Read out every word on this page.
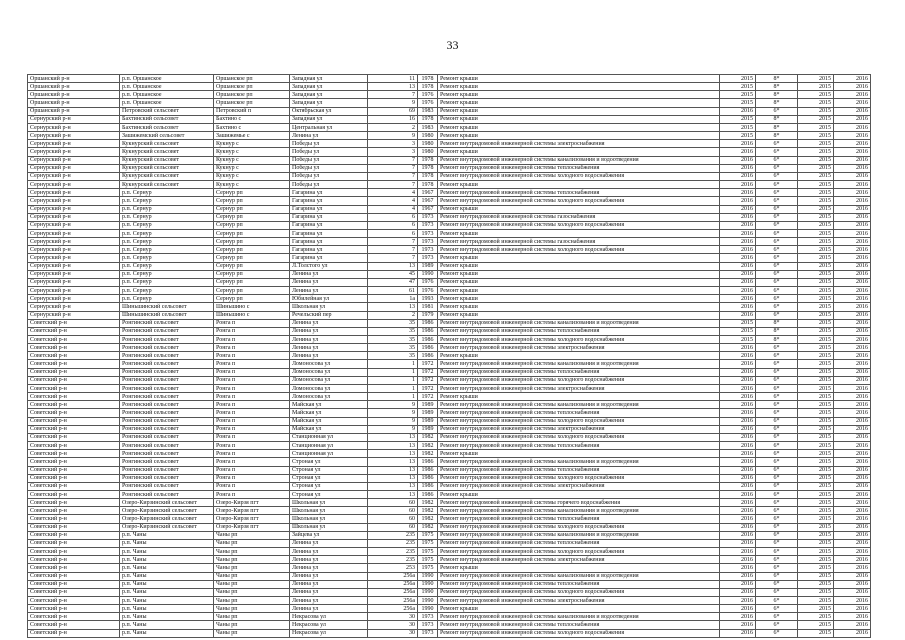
33
Оршанский р-н	р.п. Оршанское	Оршанское рп	Западная ул	11	1978	Ремонт крыши	2015	8*	2015	2016
Оршанский р-н	р.п. Оршанское	Оршанское рп	Западная ул	13	1978	Ремонт крыши	2015	8*	2015	2016
Оршанский р-н	р.п. Оршанское	Оршанское рп	Западная ул	7	1976	Ремонт крыши	2015	8*	2015	2016
Оршанский р-н	р.п. Оршанское	Оршанское рп	Западная ул	9	1976	Ремонт крыши	2015	8*	2015	2016
Оршанский р-н	Петровский сельсовет	Петровский п	Октябрьская ул	69	1983	Ремонт крыши	2016	6*	2015	2016
Сернурский р-н	Бахтинский сельсовет	Бахтино с	Западная ул	16	1978	Ремонт крыши	2015	8*	2015	2016
Сернурский р-н	Бахтинский сельсовет	Бахтино с	Центральная ул	2	1983	Ремонт крыши	2015	8*	2015	2016
Сернурский р-н	Зашижемский сельсовет	Зашижемье с	Ленина ул	9	1980	Ремонт крыши	2015	8*	2015	2016
Сернурский р-н	Кукнурский сельсовет	Кукнур с	Победы ул	3	1980	Ремонт внутридомовой инженерной системы электроснабжения	2016	6*	2015	2016
Сернурский р-н	Кукнурский сельсовет	Кукнур с	Победы ул	3	1980	Ремонт крыши	2016	6*	2015	2016
Сернурский р-н	Кукнурский сельсовет	Кукнур с	Победы ул	7	1978	Ремонт внутридомовой инженерной системы канализования и водоотведения	2016	6*	2015	2016
Сернурский р-н	Кукнурский сельсовет	Кукнур с	Победы ул	7	1978	Ремонт внутридомовой инженерной системы теплоснабжения	2016	6*	2015	2016
Сернурский р-н	Кукнурский сельсовет	Кукнур с	Победы ул	7	1978	Ремонт внутридомовой инженерной системы холодного водоснабжения	2016	6*	2015	2016
Сернурский р-н	Кукнурский сельсовет	Кукнур с	Победы ул	7	1978	Ремонт крыши	2016	6*	2015	2016
Сернурский р-н	р.п. Сернур	Сернур рп	Гагарина ул	4	1967	Ремонт внутридомовой инженерной системы теплоснабжения	2016	6*	2015	2016
Сернурский р-н	р.п. Сернур	Сернур рп	Гагарина ул	4	1967	Ремонт внутридомовой инженерной системы холодного водоснабжения	2016	6*	2015	2016
Сернурский р-н	р.п. Сернур	Сернур рп	Гагарина ул	4	1967	Ремонт крыши	2016	6*	2015	2016
Сернурский р-н	р.п. Сернур	Сернур рп	Гагарина ул	6	1973	Ремонт внутридомовой инженерной системы газоснабжения	2016	6*	2015	2016
Сернурский р-н	р.п. Сернур	Сернур рп	Гагарина ул	6	1973	Ремонт внутридомовой инженерной системы холодного водоснабжения	2016	6*	2015	2016
Сернурский р-н	р.п. Сернур	Сернур рп	Гагарина ул	6	1973	Ремонт крыши	2016	6*	2015	2016
Сернурский р-н	р.п. Сернур	Сернур рп	Гагарина ул	7	1973	Ремонт внутридомовой инженерной системы газоснабжения	2016	6*	2015	2016
Сернурский р-н	р.п. Сернур	Сернур рп	Гагарина ул	7	1973	Ремонт внутридомовой инженерной системы холодного водоснабжения	2016	6*	2015	2016
Сернурский р-н	р.п. Сернур	Сернур рп	Гагарина ул	7	1973	Ремонт крыши	2016	6*	2015	2016
Сернурский р-н	р.п. Сернур	Сернур рп	Л.Толстого ул	13	1989	Ремонт крыши	2016	6*	2015	2016
Сернурский р-н	р.п. Сернур	Сернур рп	Ленина ул	45	1990	Ремонт крыши	2016	6*	2015	2016
Сернурский р-н	р.п. Сернур	Сернур рп	Ленина ул	47	1976	Ремонт крыши	2016	6*	2015	2016
Сернурский р-н	р.п. Сернур	Сернур рп	Ленина ул	61	1976	Ремонт крыши	2016	6*	2015	2016
Сернурский р-н	р.п. Сернур	Сернур рп	Юбилейная ул	1а	1993	Ремонт крыши	2016	6*	2015	2016
Сернурский р-н	Шиньшинский сельсовет	Шиньшино с	Школьная ул	13	1981	Ремонт крыши	2016	6*	2015	2016
Сернурский р-н	Шиньшинский сельсовет	Шиньшино с	Речельский пер	2	1979	Ремонт крыши	2016	6*	2015	2016
Советский р-н	Ронгинский сельсовет	Ронга п	Ленина ул	35	1986	Ремонт внутридомовой инженерной системы канализования и водоотведения	2015	8*	2015	2016
Советский р-н	Ронгинский сельсовет	Ронга п	Ленина ул	35	1986	Ремонт внутридомовой инженерной системы теплоснабжения	2015	8*	2015	2016
Советский р-н	Ронгинский сельсовет	Ронга п	Ленина ул	35	1986	Ремонт внутридомовой инженерной системы холодного водоснабжения	2015	8*	2015	2016
Советский р-н	Ронгинский сельсовет	Ронга п	Ленина ул	35	1986	Ремонт внутридомовой инженерной системы электроснабжения	2016	6*	2015	2016
Советский р-н	Ронгинский сельсовет	Ронга п	Ленина ул	35	1986	Ремонт крыши	2016	6*	2015	2016
Советский р-н	Ронгинский сельсовет	Ронга п	Ломоносова ул	1	1972	Ремонт внутридомовой инженерной системы канализования и водоотведения	2016	6*	2015	2016
Советский р-н	Ронгинский сельсовет	Ронга п	Ломоносова ул	1	1972	Ремонт внутридомовой инженерной системы теплоснабжения	2016	6*	2015	2016
Советский р-н	Ронгинский сельсовет	Ронга п	Ломоносова ул	1	1972	Ремонт внутридомовой инженерной системы холодного водоснабжения	2016	6*	2015	2016
Советский р-н	Ронгинский сельсовет	Ронга п	Ломоносова ул	1	1972	Ремонт внутридомовой инженерной системы электроснабжения	2016	6*	2015	2016
Советский р-н	Ронгинский сельсовет	Ронга п	Ломоносова ул	1	1972	Ремонт крыши	2016	6*	2015	2016
Советский р-н	Ронгинский сельсовет	Ронга п	Майская ул	9	1989	Ремонт внутридомовой инженерной системы канализования и водоотведения	2016	6*	2015	2016
Советский р-н	Ронгинский сельсовет	Ронга п	Майская ул	9	1989	Ремонт внутридомовой инженерной системы теплоснабжения	2016	6*	2015	2016
Советский р-н	Ронгинский сельсовет	Ронга п	Майская ул	9	1989	Ремонт внутридомовой инженерной системы холодного водоснабжения	2016	6*	2015	2016
Советский р-н	Ронгинский сельсовет	Ронга п	Майская ул	9	1989	Ремонт внутридомовой инженерной системы электроснабжения	2016	6*	2015	2016
Советский р-н	Ронгинский сельсовет	Ронга п	Станционная ул	13	1982	Ремонт внутридомовой инженерной системы холодного водоснабжения	2016	6*	2015	2016
Советский р-н	Ронгинский сельсовет	Ронга п	Станционная ул	13	1982	Ремонт внутридомовой инженерной системы теплоснабжения	2016	6*	2015	2016
Советский р-н	Ронгинский сельсовет	Ронга п	Станционная ул	13	1982	Ремонт крыши	2016	6*	2015	2016
Советский р-н	Ронгинский сельсовет	Ронга п	Строная ул	13	1986	Ремонт внутридомовой инженерной системы канализования и водоотведения	2016	6*	2015	2016
Советский р-н	Ронгинский сельсовет	Ронга п	Строная ул	13	1986	Ремонт внутридомовой инженерной системы теплоснабжения	2016	6*	2015	2016
Советский р-н	Ронгинский сельсовет	Ронга п	Строная ул	13	1986	Ремонт внутридомовой инженерной системы холодного водоснабжения	2016	6*	2015	2016
Советский р-н	Ронгинский сельсовет	Ронга п	Строная ул	13	1986	Ремонт внутридомовой инженерной системы электроснабжения	2016	6*	2015	2016
Советский р-н	Ронгинский сельсовет	Ронга п	Строная ул	13	1986	Ремонт крыши	2016	6*	2015	2016
Советский р-н	Озеро-Кирзинский сельсовет	Озеро-Кирзя пгт	Школьная ул	60	1982	Ремонт внутридомовой инженерной системы горячего водоснабжения	2016	6*	2015	2016
Советский р-н	Озеро-Кирзинский сельсовет	Озеро-Кирзя пгт	Школьная ул	60	1982	Ремонт внутридомовой инженерной системы канализования и водоотведения	2016	6*	2015	2016
Советский р-н	Озеро-Кирзинский сельсовет	Озеро-Кирзя пгт	Школьная ул	60	1982	Ремонт внутридомовой инженерной системы теплоснабжения	2016	6*	2015	2016
Советский р-н	Озеро-Кирзинский сельсовет	Озеро-Кирзя пгт	Школьная ул	60	1982	Ремонт внутридомовой инженерной системы холодного водоснабжения	2016	6*	2015	2016
Советский р-н	р.п. Чаны	Чаны рп	Зайцева ул	235	1975	Ремонт внутридомовой инженерной системы канализования и водоотведения	2016	6*	2015	2016
Советский р-н	р.п. Чаны	Чаны рп	Ленина ул	235	1975	Ремонт внутридомовой инженерной системы теплоснабжения	2016	6*	2015	2016
Советский р-н	р.п. Чаны	Чаны рп	Ленина ул	235	1975	Ремонт внутридомовой инженерной системы холодного водоснабжения	2016	6*	2015	2016
Советский р-н	р.п. Чаны	Чаны рп	Ленина ул	235	1975	Ремонт внутридомовой инженерной системы электроснабжения	2016	6*	2015	2016
Советский р-н	р.п. Чаны	Чаны рп	Ленина ул	253	1975	Ремонт крыши	2016	6*	2015	2016
Советский р-н	р.п. Чаны	Чаны рп	Ленина ул	256а	1990	Ремонт внутридомовой инженерной системы канализования и водоотведения	2016	6*	2015	2016
Советский р-н	р.п. Чаны	Чаны рп	Ленина ул	256а	1990	Ремонт внутридомовой инженерной системы теплоснабжения	2016	6*	2015	2016
Советский р-н	р.п. Чаны	Чаны рп	Ленина ул	256а	1990	Ремонт внутридомовой инженерной системы холодного водоснабжения	2016	6*	2015	2016
Советский р-н	р.п. Чаны	Чаны рп	Ленина ул	256а	1990	Ремонт внутридомовой инженерной системы электроснабжения	2016	6*	2015	2016
Советский р-н	р.п. Чаны	Чаны рп	Ленина ул	256а	1990	Ремонт крыши	2016	6*	2015	2016
Советский р-н	р.п. Чаны	Чаны рп	Некрасова ул	30	1973	Ремонт внутридомовой инженерной системы канализования и водоотведения	2016	6*	2015	2016
Советский р-н	р.п. Чаны	Чаны рп	Некрасова ул	30	1973	Ремонт внутридомовой инженерной системы теплоснабжения	2016	6*	2015	2016
Советский р-н	р.п. Чаны	Чаны рп	Некрасова ул	30	1973	Ремонт внутридомовой инженерной системы холодного водоснабжения	2016	6*	2015	2016
